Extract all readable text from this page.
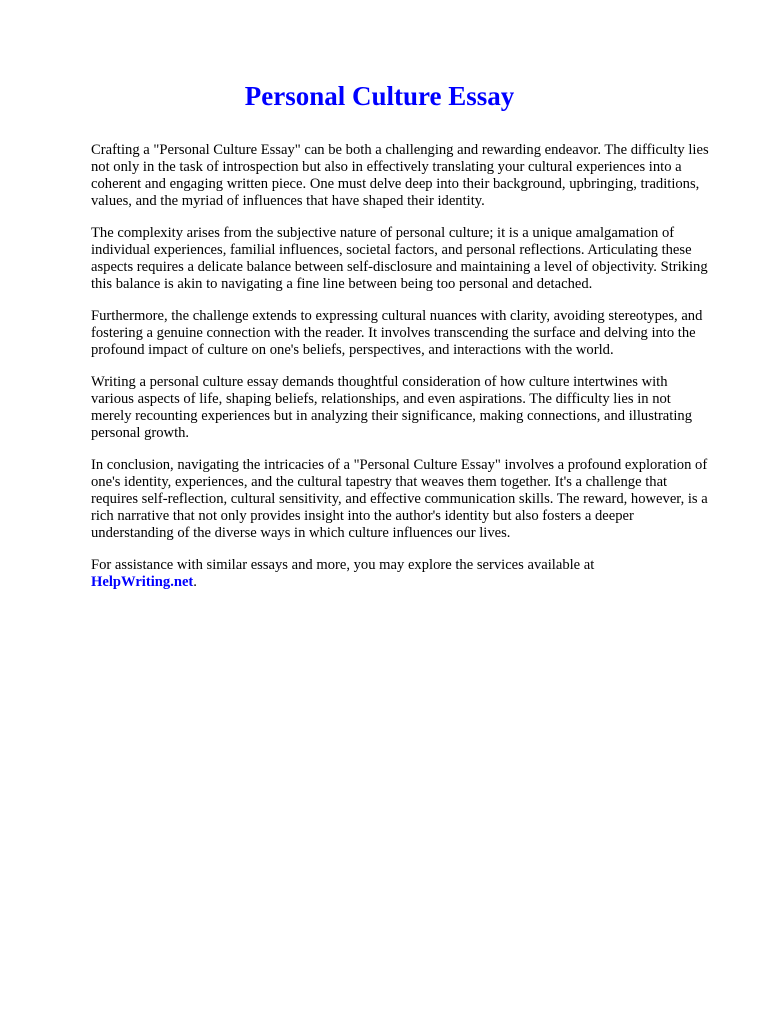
Personal Culture Essay

Crafting a "Personal Culture Essay" can be both a challenging and rewarding endeavor. The difficulty lies not only in the task of introspection but also in effectively translating your cultural experiences into a coherent and engaging written piece. One must delve deep into their background, upbringing, traditions, values, and the myriad of influences that have shaped their identity.

The complexity arises from the subjective nature of personal culture; it is a unique amalgamation of individual experiences, familial influences, societal factors, and personal reflections. Articulating these aspects requires a delicate balance between self-disclosure and maintaining a level of objectivity. Striking this balance is akin to navigating a fine line between being too personal and detached.

Furthermore, the challenge extends to expressing cultural nuances with clarity, avoiding stereotypes, and fostering a genuine connection with the reader. It involves transcending the surface and delving into the profound impact of culture on one's beliefs, perspectives, and interactions with the world.

Writing a personal culture essay demands thoughtful consideration of how culture intertwines with various aspects of life, shaping beliefs, relationships, and even aspirations. The difficulty lies in not merely recounting experiences but in analyzing their significance, making connections, and illustrating personal growth.

In conclusion, navigating the intricacies of a "Personal Culture Essay" involves a profound exploration of one's identity, experiences, and the cultural tapestry that weaves them together. It's a challenge that requires self-reflection, cultural sensitivity, and effective communication skills. The reward, however, is a rich narrative that not only provides insight into the author's identity but also fosters a deeper understanding of the diverse ways in which culture influences our lives.

For assistance with similar essays and more, you may explore the services available at
HelpWriting.net.
